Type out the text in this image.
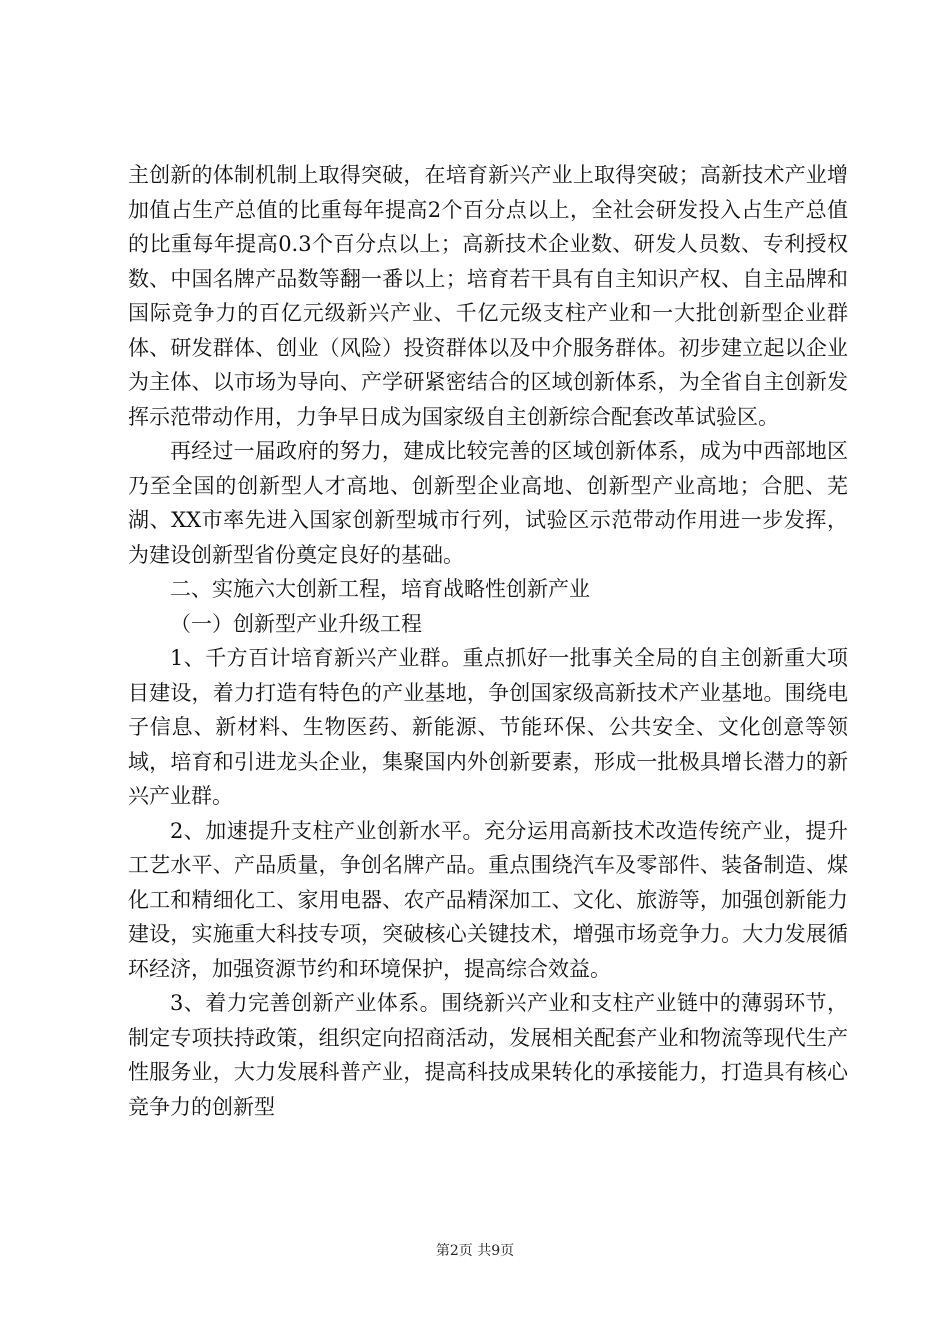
主创新的体制机制上取得突破，在培育新兴产业上取得突破；高新技术产业增加值占生产总值的比重每年提高2个百分点以上，全社会研发投入占生产总值的比重每年提高0.3个百分点以上；高新技术企业数、研发人员数、专利授权数、中国名牌产品数等翻一番以上；培育若干具有自主知识产权、自主品牌和国际竞争力的百亿元级新兴产业、千亿元级支柱产业和一大批创新型企业群体、研发群体、创业（风险）投资群体以及中介服务群体。初步建立起以企业为主体、以市场为导向、产学研紧密结合的区域创新体系，为全省自主创新发挥示范带动作用，力争早日成为国家级自主创新综合配套改革试验区。

再经过一届政府的努力，建成比较完善的区域创新体系，成为中西部地区乃至全国的创新型人才高地、创新型企业高地、创新型产业高地；合肥、芜湖、XX市率先进入国家创新型城市行列，试验区示范带动作用进一步发挥，为建设创新型省份奠定良好的基础。

二、实施六大创新工程，培育战略性创新产业

（一）创新型产业升级工程

1、千方百计培育新兴产业群。重点抓好一批事关全局的自主创新重大项目建设，着力打造有特色的产业基地，争创国家级高新技术产业基地。围绕电子信息、新材料、生物医药、新能源、节能环保、公共安全、文化创意等领域，培育和引进龙头企业，集聚国内外创新要素，形成一批极具增长潜力的新兴产业群。

2、加速提升支柱产业创新水平。充分运用高新技术改造传统产业，提升工艺水平、产品质量，争创名牌产品。重点围绕汽车及零部件、装备制造、煤化工和精细化工、家用电器、农产品精深加工、文化、旅游等，加强创新能力建设，实施重大科技专项，突破核心关键技术，增强市场竞争力。大力发展循环经济，加强资源节约和环境保护，提高综合效益。

3、着力完善创新产业体系。围绕新兴产业和支柱产业链中的薄弱环节，制定专项扶持政策，组织定向招商活动，发展相关配套产业和物流等现代生产性服务业，大力发展科普产业，提高科技成果转化的承接能力，打造具有核心竞争力的创新型

第2页 共9页
